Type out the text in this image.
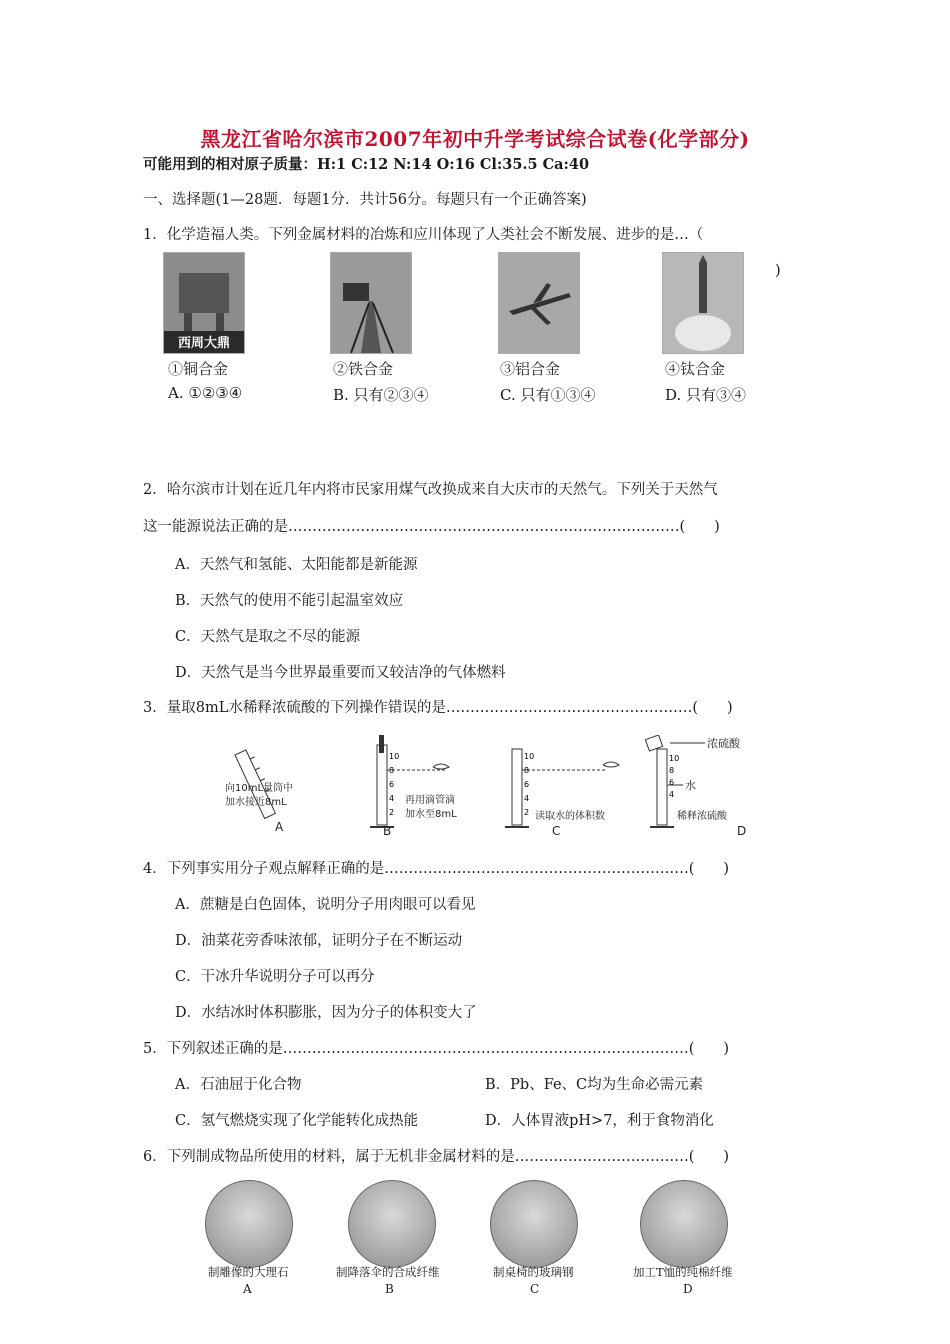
黑龙江省哈尔滨市2007年初中升学考试综合试卷(化学部分)
可能用到的相对原子质量：H:1 C:12 N:14 O:16 Cl:35.5 Ca:40
一、选择题(1—28题．每题1分．共计56分。每题只有一个正确答案)
1．化学造福人类。下列金属材料的冶炼和应川体现了人类社会不断发展、进步的是…（
)
西周大鼎
①铜合金	②铁合金	③铝合金	④钛合金
A. ①②③④	B. 只有②③④	C. 只有①③④	D. 只有③④
2．哈尔滨市计划在近几年内将市民家用煤气改换成来自大庆市的天然气。下列关于天然气
这一能源说法正确的是………………………………………………………………………(　　)
A．天然气和氢能、太阳能都是新能源
B．天然气的使用不能引起温室效应
C．天然气是取之不尽的能源
D．天然气是当今世界最重要而又较洁净的气体燃料
3．量取8mL水稀释浓硫酸的下列操作错误的是……………………………………………(　　)
向10mL量筒中
加水接近8mL
A
10
8
6
4
2
再用滴管滴
加水至8mL
B
10
8
6
4
2 读取水的体积数
C
10
8
6
4
浓硫酸
水
稀释浓硫酸
D
4．下列事实用分子观点解释正确的是………………………………………………………(　　)
A．蔗糖是白色固体，说明分子用肉眼可以看见
D．油菜花旁香味浓郁，证明分子在不断运动
C．干冰升华说明分子可以再分
D．水结冰时体积膨胀，因为分子的体积变大了
5．下列叙述正确的是…………………………………………………………………………(　　)
A．石油屈于化合物	B．Pb、Fe、C均为生命必需元素
C．氢气燃烧实现了化学能转化成热能	D．人体胃液pH>7，利于食物消化
6．下列制成物品所使用的材料，属于无机非金属材料的是………………………………(　　)
制雕像的大理石	制降落伞的合成纤维	制桌椅的玻璃钢	加工T恤的纯棉纤维
A	B	C	D
